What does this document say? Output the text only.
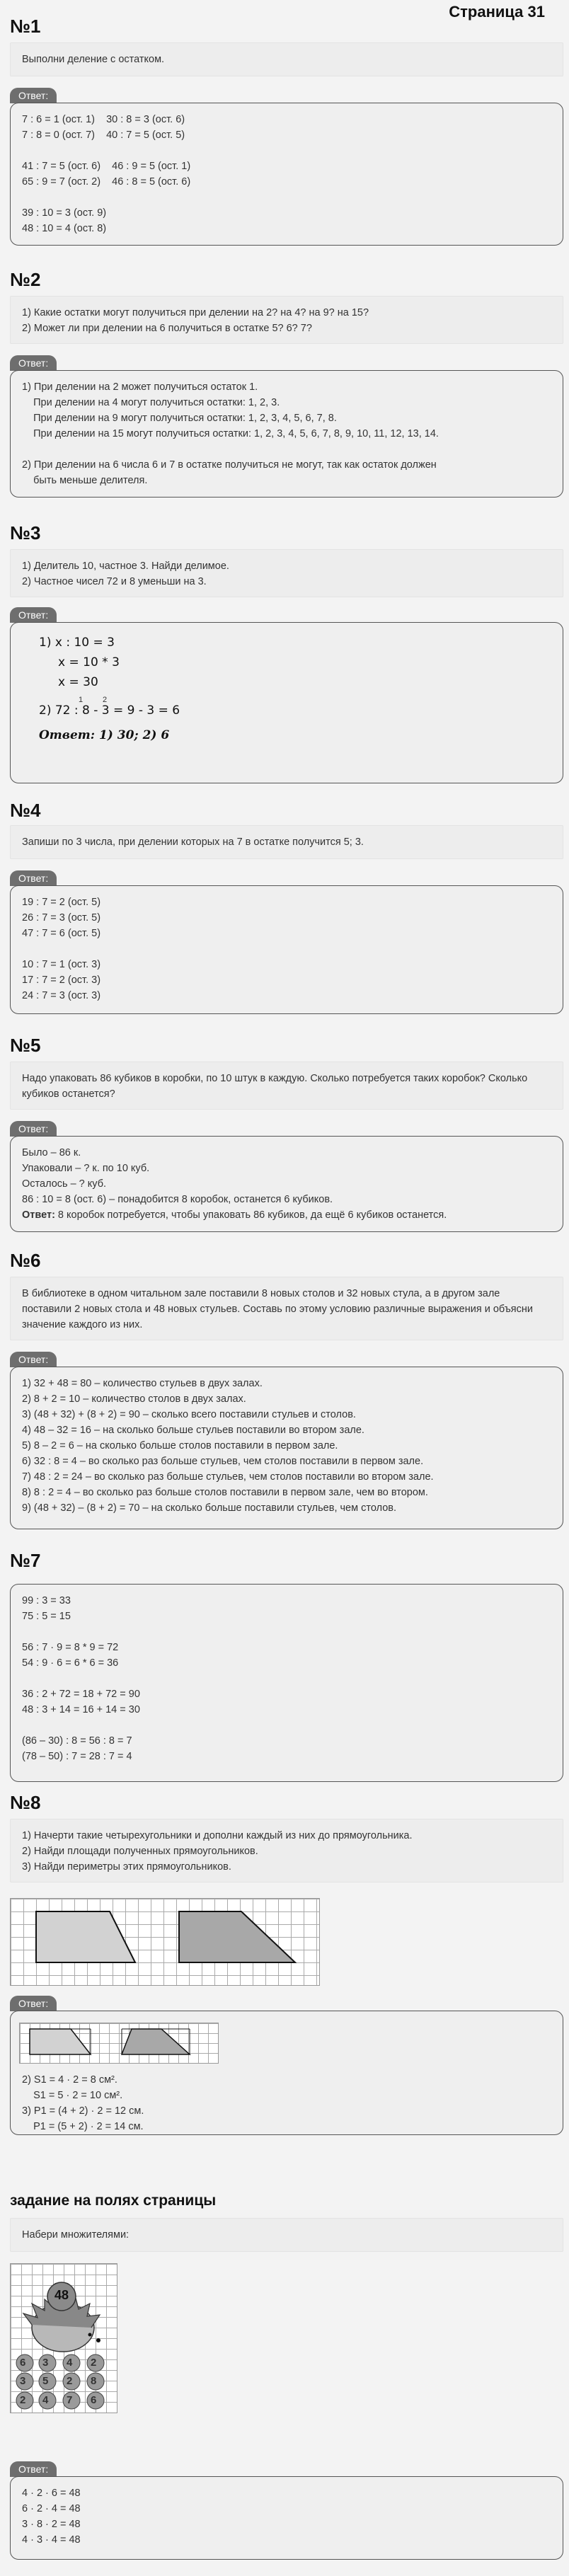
Страница 31
№1
Выполни деление с остатком.
Ответ:
7 : 6 = 1 (ост. 1)    30 : 8 = 3 (ост. 6)
7 : 8 = 0 (ост. 7)    40 : 7 = 5 (ост. 5)
41 : 7 = 5 (ост. 6)    46 : 9 = 5 (ост. 1)
65 : 9 = 7 (ост. 2)    46 : 8 = 5 (ост. 6)
39 : 10 = 3 (ост. 9)
48 : 10 = 4 (ост. 8)
№2
1) Какие остатки могут получиться при делении на 2? на 4? на 9? на 15?
2) Может ли при делении на 6 получиться в остатке 5? 6? 7?
Ответ:
1) При делении на 2 может получиться остаток 1.
При делении на 4 могут получиться остатки: 1, 2, 3.
При делении на 9 могут получиться остатки: 1, 2, 3, 4, 5, 6, 7, 8.
При делении на 15 могут получиться остатки: 1, 2, 3, 4, 5, 6, 7, 8, 9, 10, 11, 12, 13, 14.
2) При делении на 6 числа 6 и 7 в остатке получиться не могут, так как остаток должен
быть меньше делителя.
№3
1) Делитель 10, частное 3. Найди делимое.
2) Частное чисел 72 и 8 уменьши на 3.
Ответ:
1) x : 10 = 3
x = 10 * 3
x = 30
1	2
2) 72 : 8 - 3 = 9 - 3 = 6
Ответ: 1) 30; 2) 6
№4
Запиши по 3 числа, при делении которых на 7 в остатке получится 5; 3.
Ответ:
19 : 7 = 2 (ост. 5)
26 : 7 = 3 (ост. 5)
47 : 7 = 6 (ост. 5)
10 : 7 = 1 (ост. 3)
17 : 7 = 2 (ост. 3)
24 : 7 = 3 (ост. 3)
№5
Надо упаковать 86 кубиков в коробки, по 10 штук в каждую. Сколько потребуется таких коробок? Сколько кубиков останется?
Ответ:
Было – 86 к.
Упаковали – ? к. по 10 куб.
Осталось – ? куб.
86 : 10 = 8 (ост. 6) – понадобится 8 коробок, останется 6 кубиков.
Ответ: 8 коробок потребуется, чтобы упаковать 86 кубиков, да ещё 6 кубиков останется.
№6
В библиотеке в одном читальном зале поставили 8 новых столов и 32 новых стула, а в другом зале поставили 2 новых стола и 48 новых стульев. Составь по этому условию различные выражения и объясни значение каждого из них.
Ответ:
1) 32 + 48 = 80 – количество стульев в двух залах.
2) 8 + 2 = 10 – количество столов в двух залах.
3) (48 + 32) + (8 + 2) = 90 – сколько всего поставили стульев и столов.
4) 48 – 32 = 16 – на сколько больше стульев поставили во втором зале.
5) 8 – 2 = 6 – на сколько больше столов поставили в первом зале.
6) 32 : 8 = 4 – во сколько раз больше стульев, чем столов поставили в первом зале.
7) 48 : 2 = 24 – во сколько раз больше стульев, чем столов поставили во втором зале.
8) 8 : 2 = 4 – во сколько раз больше столов поставили в первом зале, чем во втором.
9) (48 + 32) – (8 + 2) = 70 – на сколько больше поставили стульев, чем столов.
№7
99 : 3 = 33
75 : 5 = 15
56 : 7 · 9 = 8 * 9 = 72
54 : 9 · 6 = 6 * 6 = 36
36 : 2 + 72 = 18 + 72 = 90
48 : 3 + 14 = 16 + 14 = 30
(86 – 30) : 8 = 56 : 8 = 7
(78 – 50) : 7 = 28 : 7 = 4
№8
1) Начерти такие четырехугольники и дополни каждый из них до прямоугольника.
2) Найди площади полученных прямоугольников.
3) Найди периметры этих прямоугольников.
Ответ:
2) S1 = 4 · 2 = 8 см².
S1 = 5 · 2 = 10 см².
3) P1 = (4 + 2) · 2 = 12 см.
P1 = (5 + 2) · 2 = 14 см.
задание на полях страницы
Набери множителями:
48
6 3 4 2
3 5 2 8
2 4 7 6
Ответ:
4 · 2 · 6 = 48
6 · 2 · 4 = 48
3 · 8 · 2 = 48
4 · 3 · 4 = 48
